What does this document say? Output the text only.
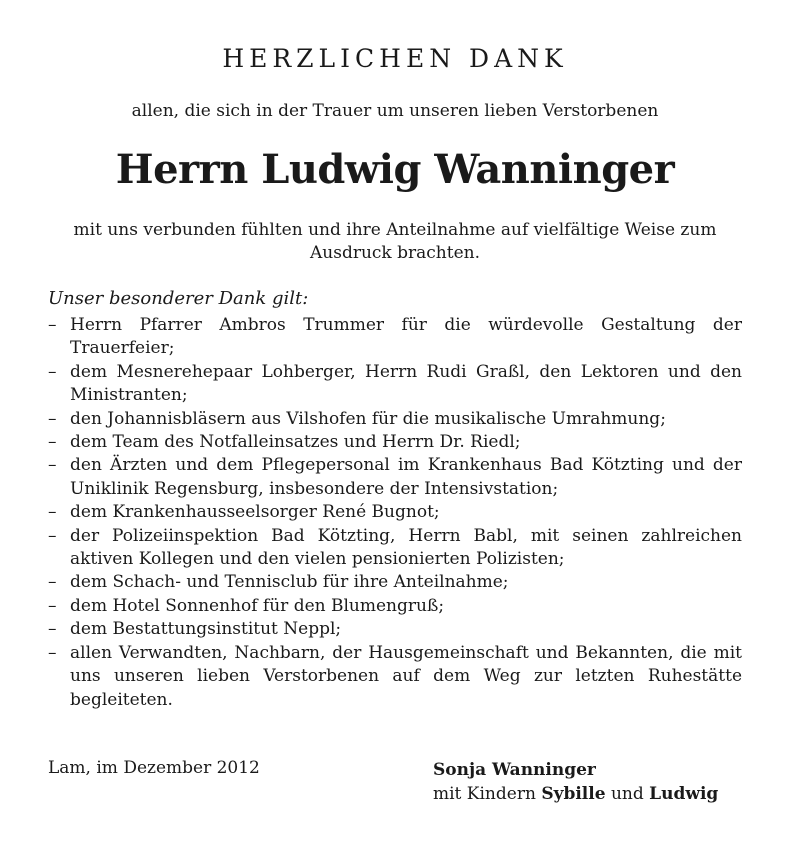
HERZLICHEN DANK
allen, die sich in der Trauer um unseren lieben Verstorbenen
Herrn Ludwig Wanninger
mit uns verbunden fühlten und ihre Anteilnahme auf vielfältige Weise zum Ausdruck brachten.
Unser besonderer Dank gilt:
– Herrn Pfarrer Ambros Trummer für die würdevolle Gestaltung der Trauerfeier;
– dem Mesnerehepaar Lohberger, Herrn Rudi Graßl, den Lektoren und den Ministranten;
– den Johannisbläsern aus Vilshofen für die musikalische Umrahmung;
– dem Team des Notfalleinsatzes und Herrn Dr. Riedl;
– den Ärzten und dem Pflegepersonal im Krankenhaus Bad Kötzting und der Uniklinik Regensburg, insbesondere der Intensivstation;
– dem Krankenhausseelsorger René Bugnot;
– der Polizeiinspektion Bad Kötzting, Herrn Babl, mit seinen zahlreichen aktiven Kollegen und den vielen pensionierten Polizisten;
– dem Schach- und Tennisclub für ihre Anteilnahme;
– dem Hotel Sonnenhof für den Blumengruß;
– dem Bestattungsinstitut Neppl;
– allen Verwandten, Nachbarn, der Hausgemeinschaft und Bekannten, die mit uns unseren lieben Verstorbenen auf dem Weg zur letzten Ruhestätte begleiteten.
Lam, im Dezember 2012	Sonja Wanninger
mit Kindern Sybille und Ludwig
